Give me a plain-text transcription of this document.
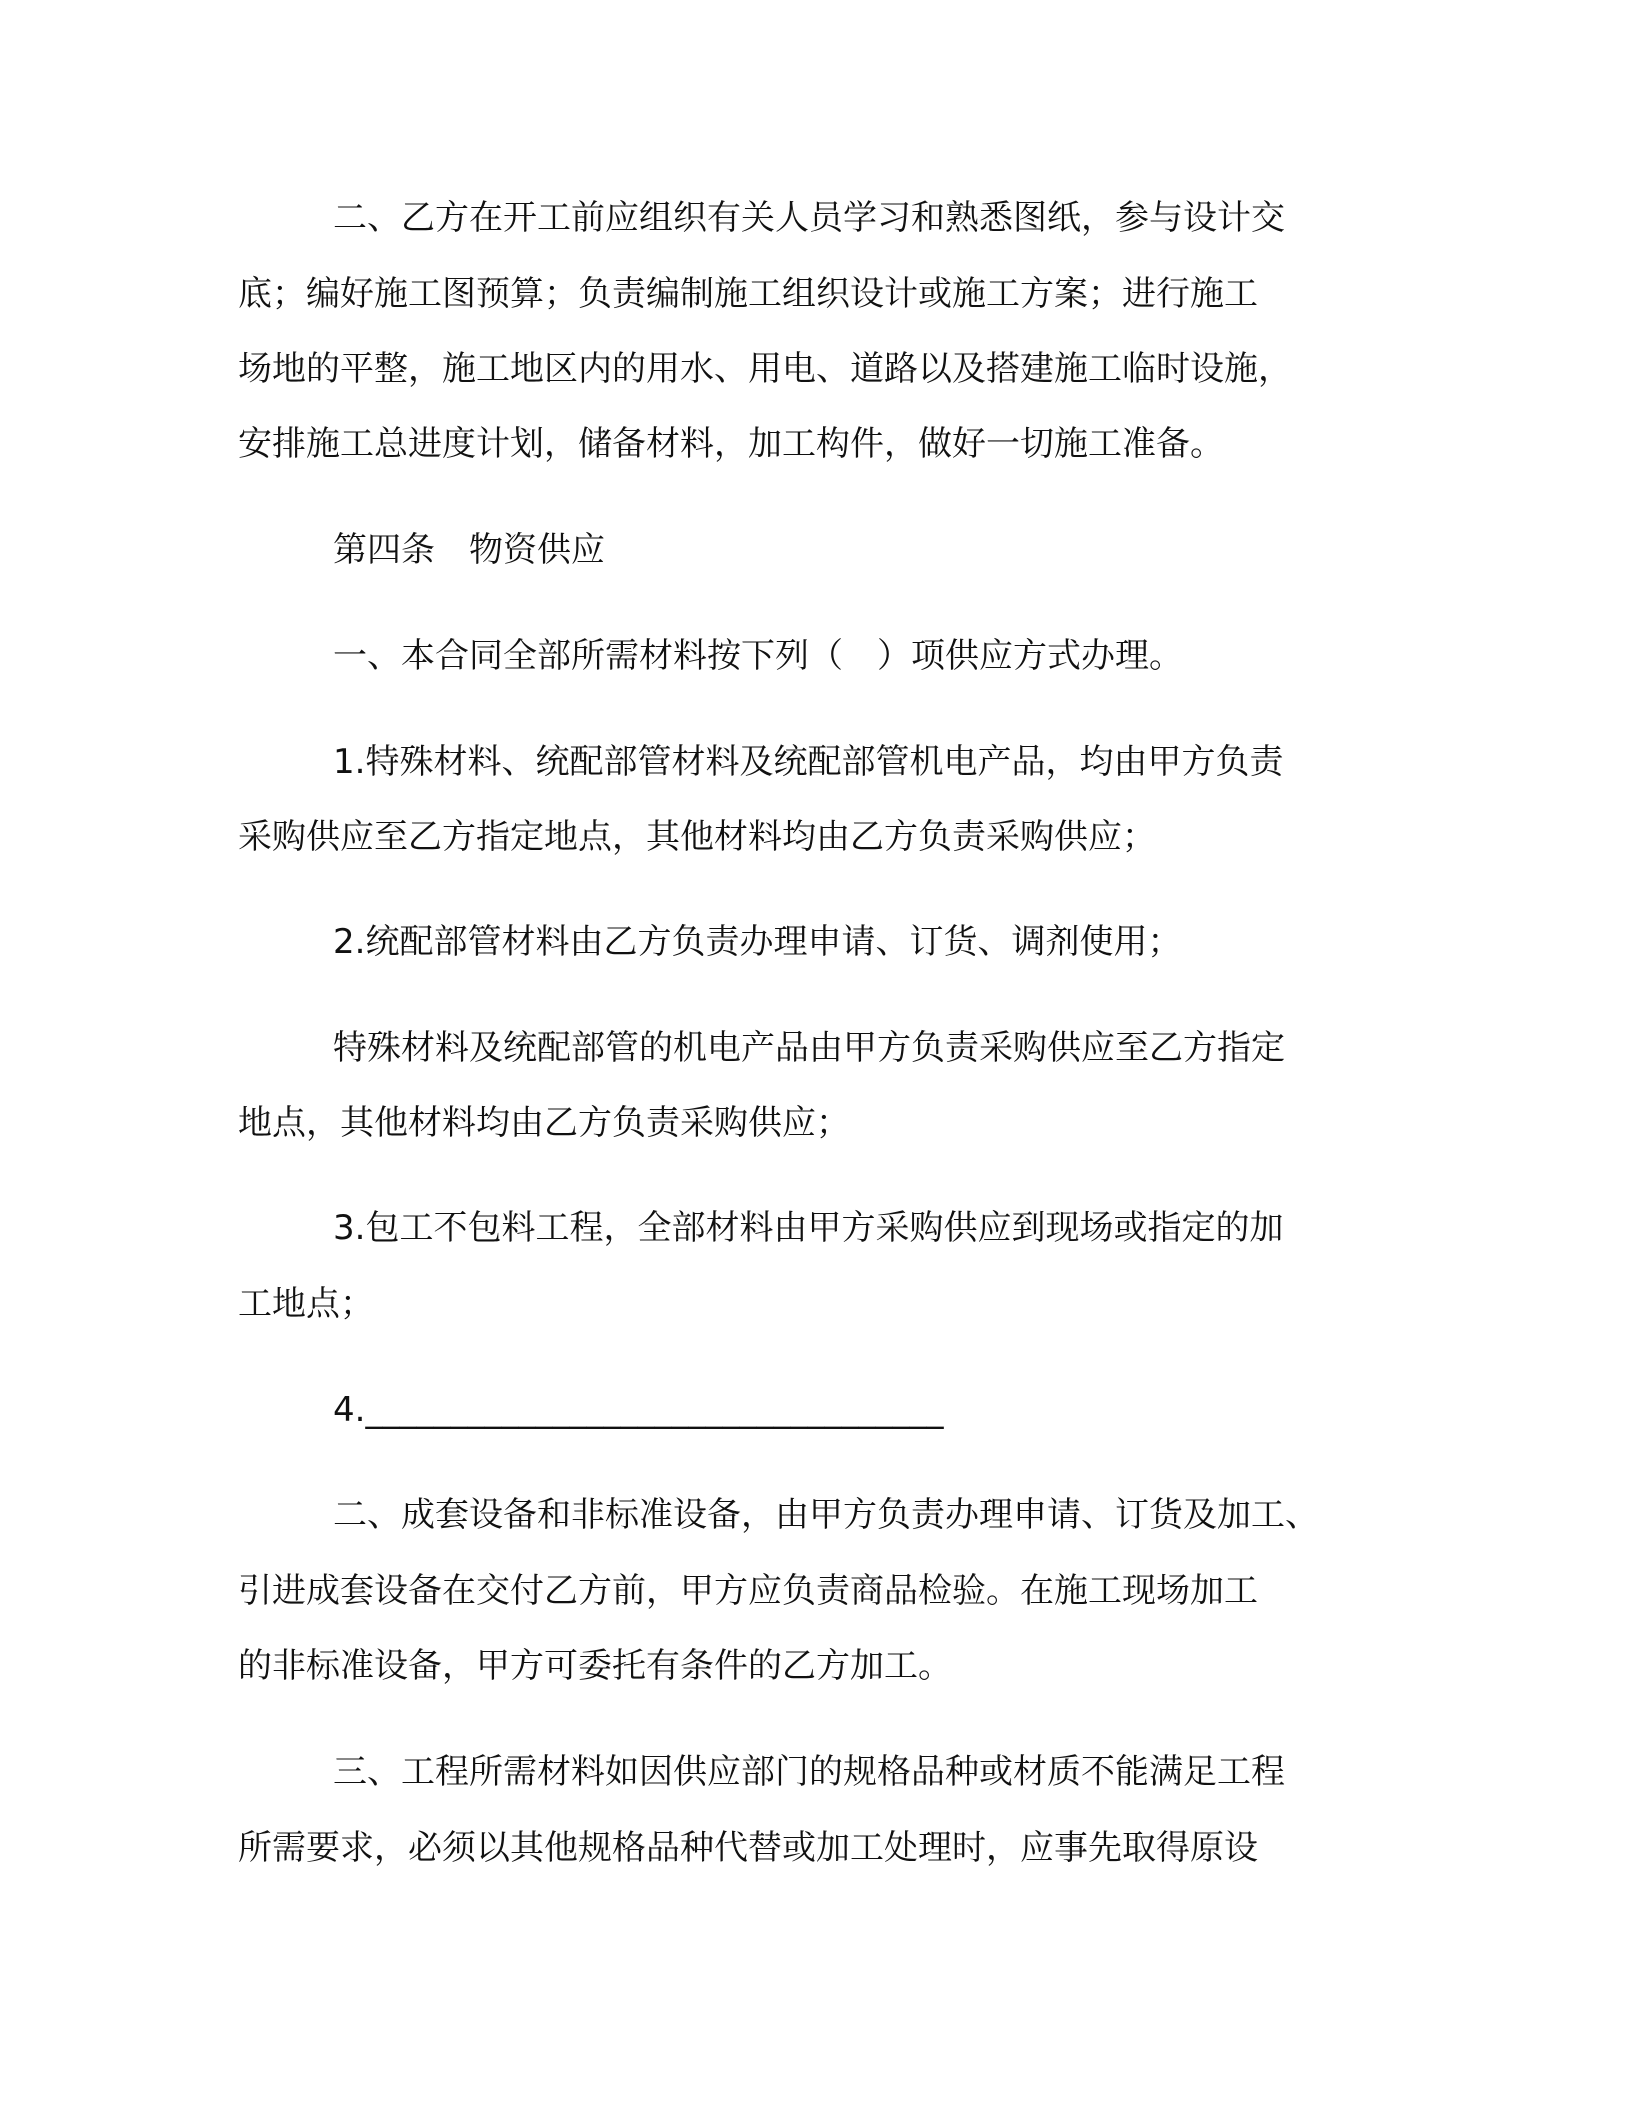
二、乙方在开工前应组织有关人员学习和熟悉图纸，参与设计交
底；编好施工图预算；负责编制施工组织设计或施工方案；进行施工
场地的平整，施工地区内的用水、用电、道路以及搭建施工临时设施，
安排施工总进度计划，储备材料，加工构件，做好一切施工准备。
第四条　物资供应
一、本合同全部所需材料按下列（　）项供应方式办理。
1.特殊材料、统配部管材料及统配部管机电产品，均由甲方负责
采购供应至乙方指定地点，其他材料均由乙方负责采购供应；
2.统配部管材料由乙方负责办理申请、订货、调剂使用；
特殊材料及统配部管的机电产品由甲方负责采购供应至乙方指定
地点，其他材料均由乙方负责采购供应；
3.包工不包料工程，全部材料由甲方采购供应到现场或指定的加
工地点；
4.__________________________________
二、成套设备和非标准设备，由甲方负责办理申请、订货及加工、
引进成套设备在交付乙方前，甲方应负责商品检验。在施工现场加工
的非标准设备，甲方可委托有条件的乙方加工。
三、工程所需材料如因供应部门的规格品种或材质不能满足工程
所需要求，必须以其他规格品种代替或加工处理时，应事先取得原设
